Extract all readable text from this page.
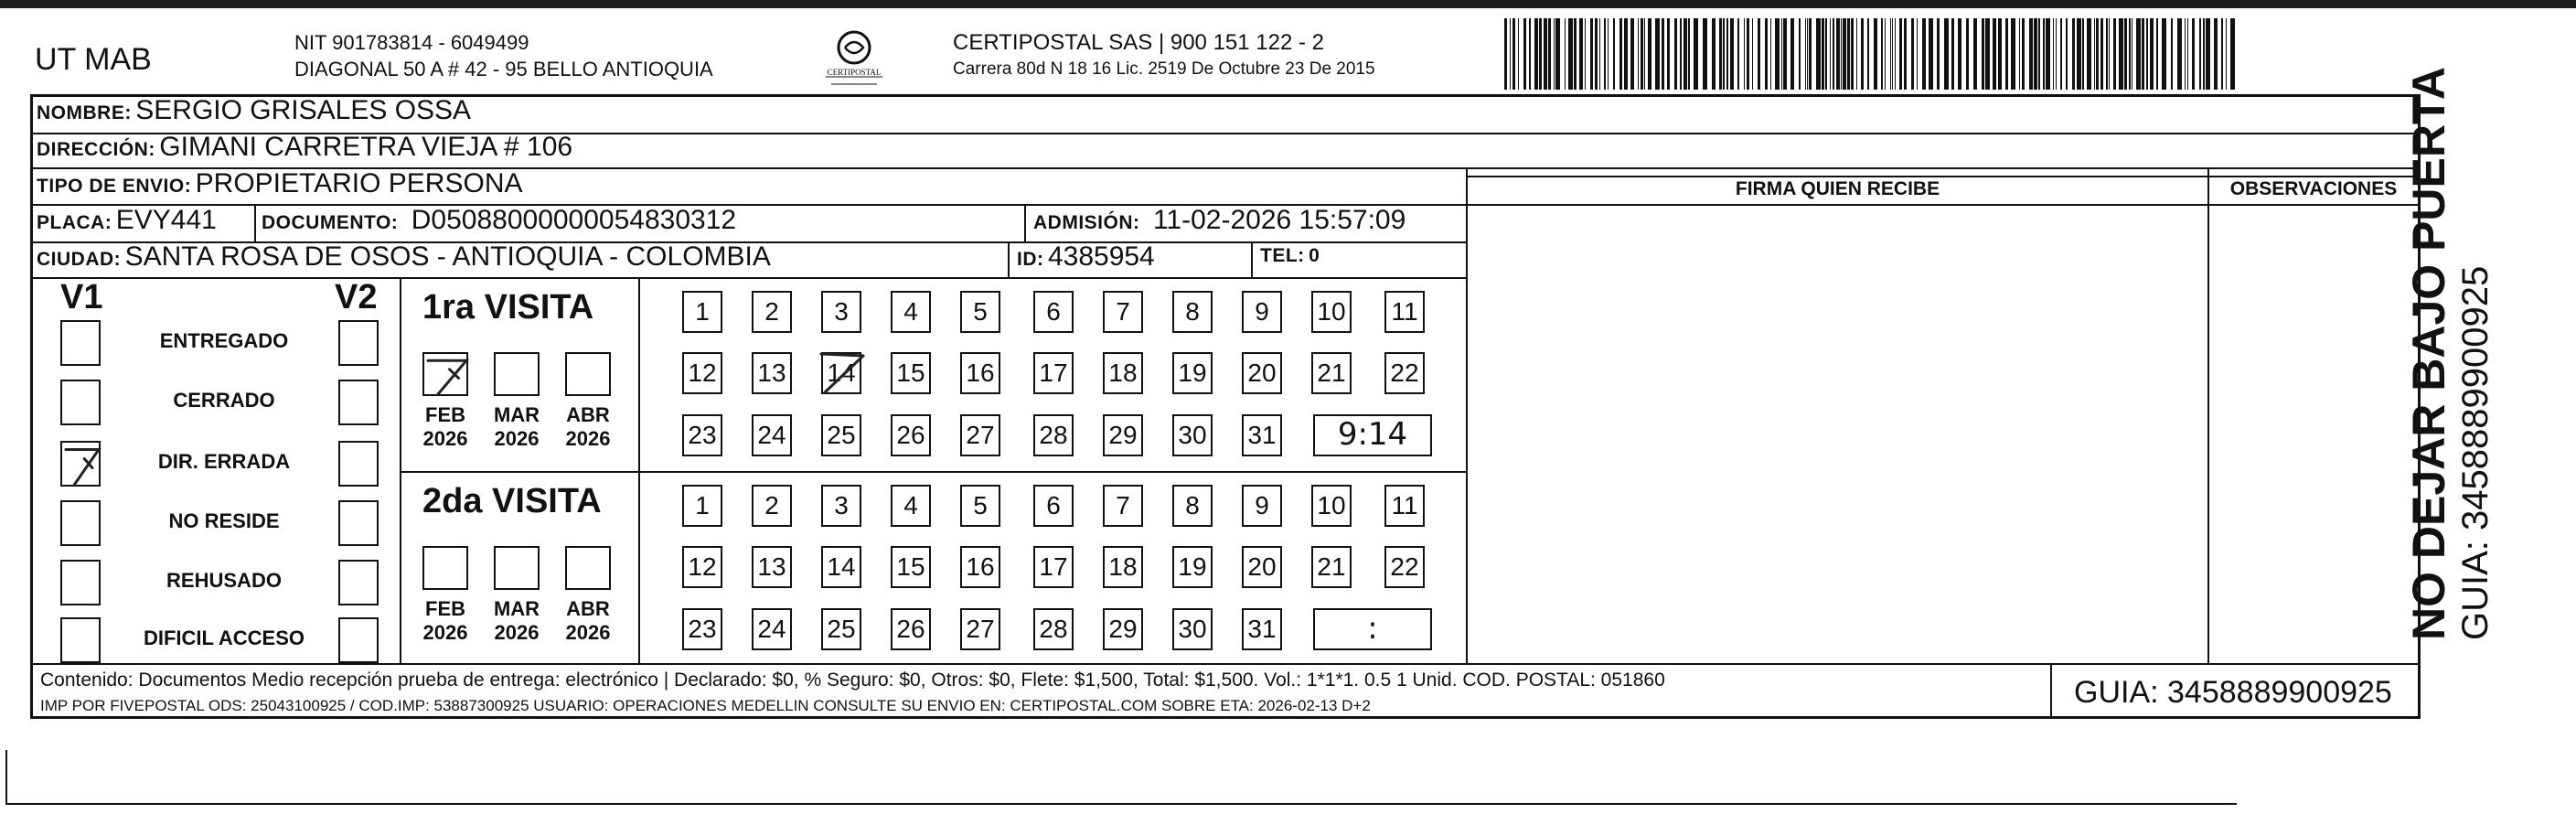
UT MAB	NIT 901783814 - 6049499
DIAGONAL 50 A # 42 - 95 BELLO ANTIOQUIA	CERTIPOSTAL
CERTIPOSTAL SAS | 900 151 122 - 2
Carrera 80d N 18 16 Lic. 2519 De Octubre 23 De 2015
NOMBRE: SERGIO GRISALES OSSA
DIRECCIÓN: GIMANI CARRETRA VIEJA # 106
TIPO DE ENVIO: PROPIETARIO PERSONA
PLACA: EVY441 DOCUMENTO: D05088000000054830312	ADMISIÓN: 11-02-2026 15:57:09
CIUDAD: SANTA ROSA DE OSOS - ANTIOQUIA - COLOMBIA	ID: 4385954	TEL: 0
FIRMA QUIEN RECIBE	OBSERVACIONES
V1	V2
ENTREGADO
CERRADO
DIR. ERRADA
NO RESIDE
REHUSADO
DIFICIL ACCESO
1ra VISITA
FEB
2026
MAR
2026
ABR
2026
1	2	3	4	5	6	7	8	9	10 11
12 13 14 15 16 17 18 19 20 21 22
23 24 25 26 27 28 29 30 31	9:14
2da VISITA
FEB
2026
MAR
2026
ABR
2026
1	2	3	4	5	6	7	8	9	10 11
12 13 14 15 16 17 18 19 20 21 22
23 24 25 26 27 28 29 30 31	:
Contenido: Documentos Medio recepción prueba de entrega: electrónico | Declarado: $0, % Seguro: $0, Otros: $0, Flete: $1,500, Total: $1,500. Vol.: 1*1*1. 0.5 1 Unid. COD. POSTAL: 051860
IMP POR FIVEPOSTAL ODS: 25043100925 / COD.IMP: 53887300925 USUARIO: OPERACIONES MEDELLIN CONSULTE SU ENVIO EN: CERTIPOSTAL.COM SOBRE ETA: 2026-02-13 D+2	GUIA: 3458889900925
NO DEJAR BAJO PUERTA GUIA: 3458889900925
